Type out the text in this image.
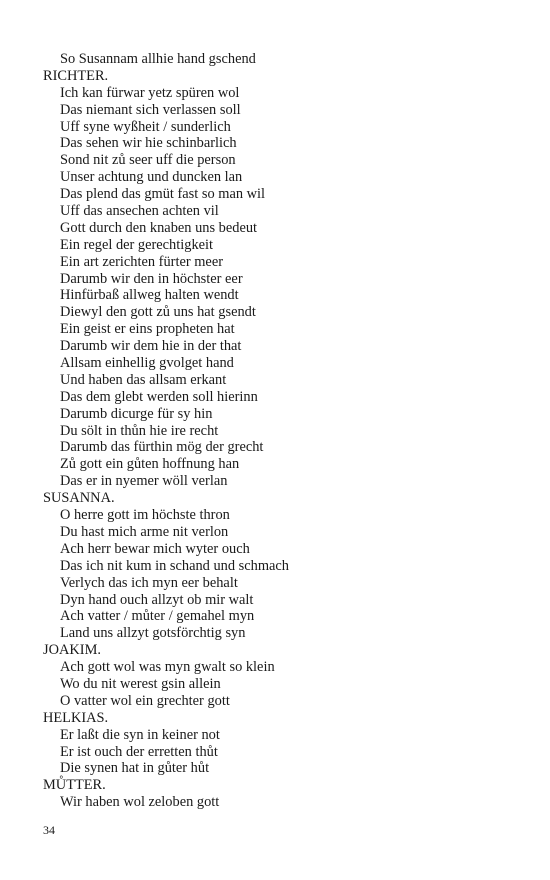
So Susannam allhie hand gschend
RICHTER.
Ich kan fürwar yetz spüren wol
Das niemant sich verlassen soll
Uff syne wyßheit / sunderlich
Das sehen wir hie schinbarlich
Sond nit zů seer uff die person
Unser achtung und duncken lan
Das plend das gmüt fast so man wil
Uff das ansechen achten vil
Gott durch den knaben uns bedeut
Ein regel der gerechtigkeit
Ein art zerichten fürter meer
Darumb wir den in höchster eer
Hinfürbaß allweg halten wendt
Diewyl den gott zů uns hat gsendt
Ein geist er eins propheten hat
Darumb wir dem hie in der that
Allsam einhellig gvolget hand
Und haben das allsam erkant
Das dem glebt werden soll hierinn
Darumb dicurge für sy hin
Du sölt in thůn hie ire recht
Darumb das fürthin mög der grecht
Zů gott ein gůten hoffnung han
Das er in nyemer wöll verlan
SUSANNA.
O herre gott im höchste thron
Du hast mich arme nit verlon
Ach herr bewar mich wyter ouch
Das ich nit kum in schand und schmach
Verlych das ich myn eer behalt
Dyn hand ouch allzyt ob mir walt
Ach vatter / můter / gemahel myn
Land uns allzyt gotsförchtig syn
JOAKIM.
Ach gott wol was myn gwalt so klein
Wo du nit werest gsin allein
O vatter wol ein grechter gott
HELKIAS.
Er laßt die syn in keiner not
Er ist ouch der erretten thůt
Die synen hat in gůter hůt
MŮTTER.
Wir haben wol zeloben gott
34
